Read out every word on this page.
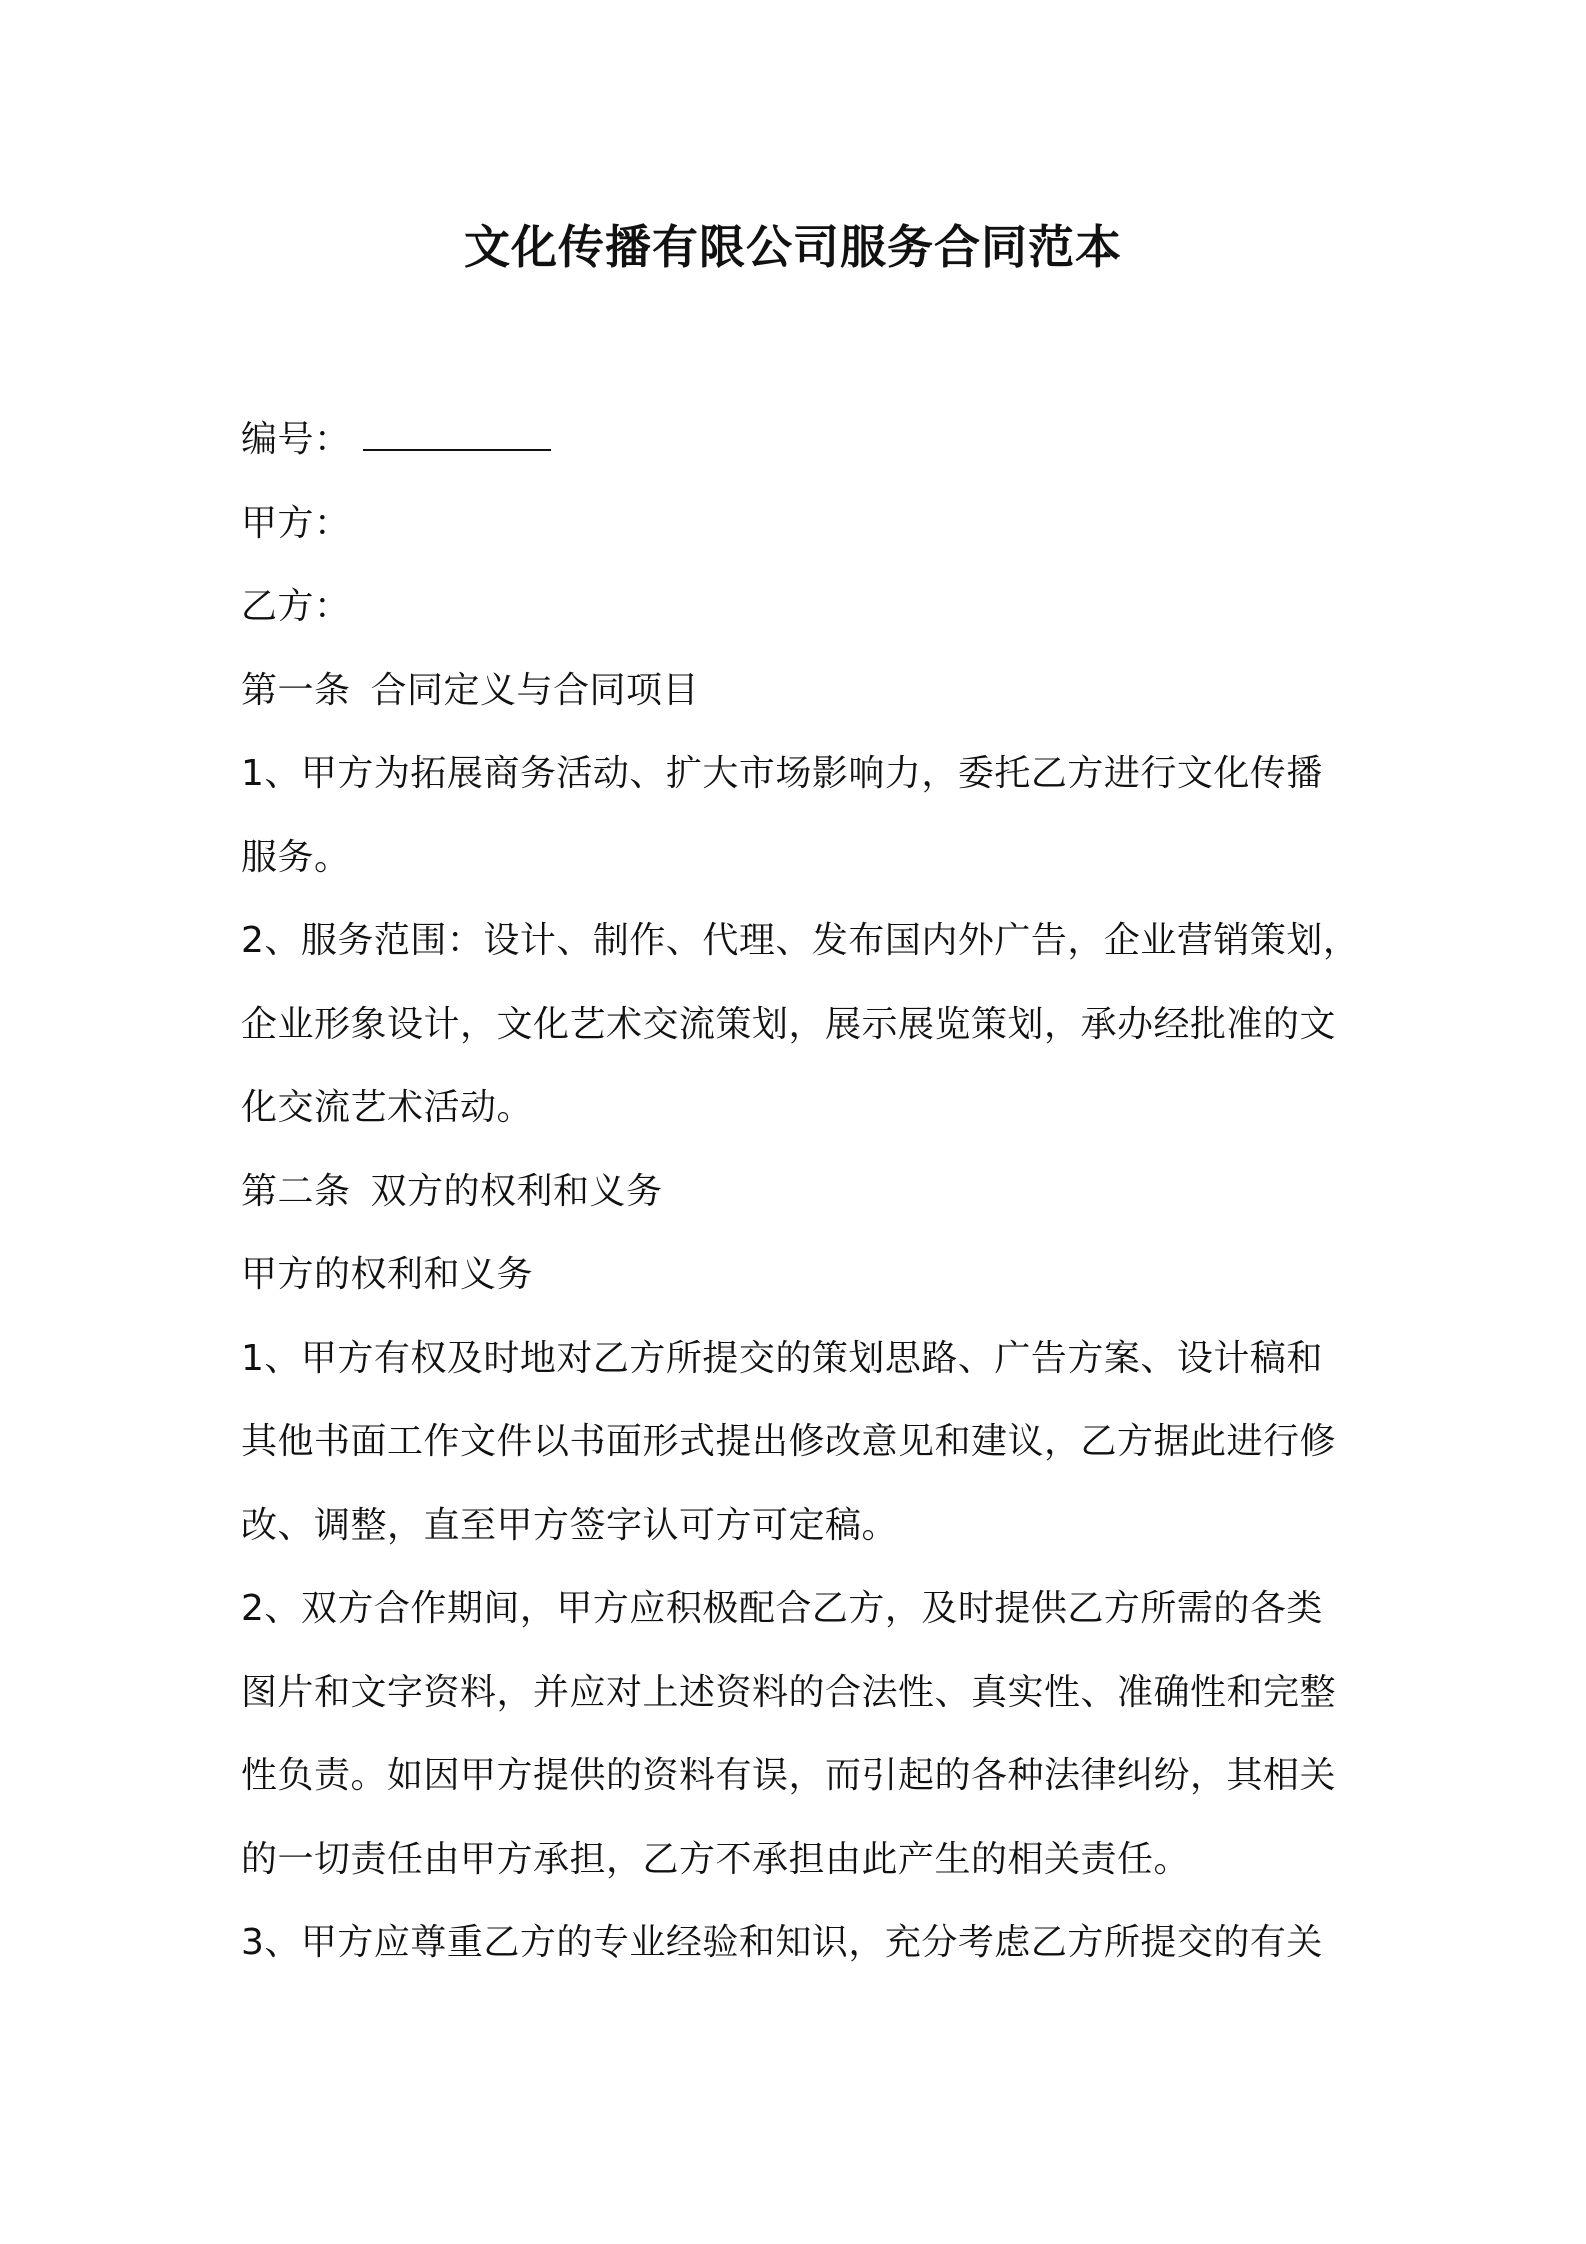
文化传播有限公司服务合同范本
编号：
甲方：
乙方：
第一条 合同定义与合同项目
1、甲方为拓展商务活动、扩大市场影响力，委托乙方进行文化传播
服务。
2、服务范围：设计、制作、代理、发布国内外广告，企业营销策划，
企业形象设计，文化艺术交流策划，展示展览策划，承办经批准的文
化交流艺术活动。
第二条 双方的权利和义务
甲方的权利和义务
1、甲方有权及时地对乙方所提交的策划思路、广告方案、设计稿和
其他书面工作文件以书面形式提出修改意见和建议，乙方据此进行修
改、调整，直至甲方签字认可方可定稿。
2、双方合作期间，甲方应积极配合乙方，及时提供乙方所需的各类
图片和文字资料，并应对上述资料的合法性、真实性、准确性和完整
性负责。如因甲方提供的资料有误，而引起的各种法律纠纷，其相关
的一切责任由甲方承担，乙方不承担由此产生的相关责任。
3、甲方应尊重乙方的专业经验和知识，充分考虑乙方所提交的有关
